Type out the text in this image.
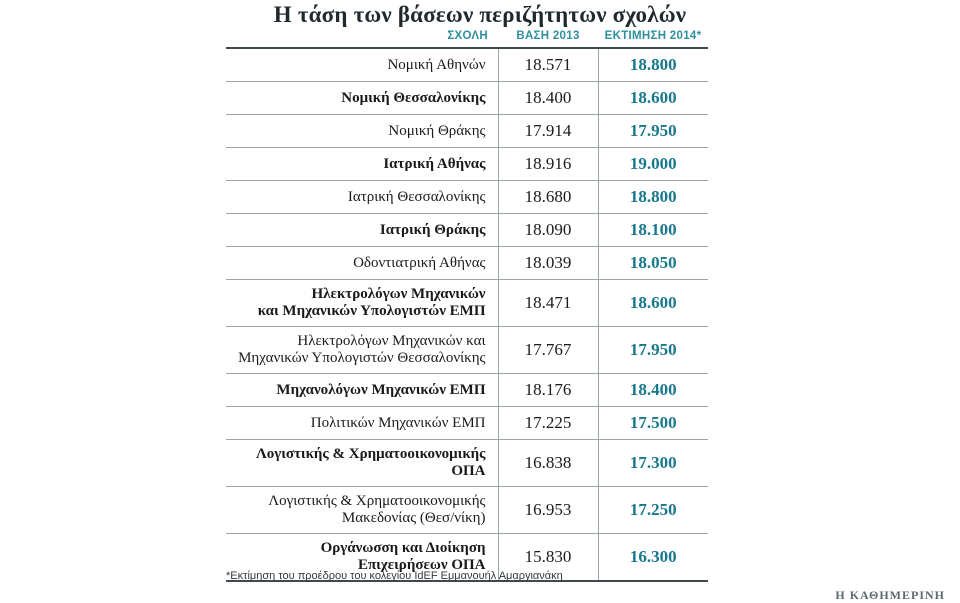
Η τάση των βάσεων περιζήτητων σχολών
ΣΧΟΛΗ	ΒΑΣΗ 2013	ΕΚΤΙΜΗΣΗ 2014*
Νομική Αθηνών	18.571	18.800
Νομική Θεσσαλονίκης	18.400	18.600
Νομική Θράκης	17.914	17.950
Ιατρική Αθήνας	18.916	19.000
Ιατρική Θεσσαλονίκης	18.680	18.800
Ιατρική Θράκης	18.090	18.100
Οδοντιατρική Αθήνας	18.039	18.050
Ηλεκτρολόγων Μηχανικών
και Μηχανικών Υπολογιστών ΕΜΠ	18.471	18.600
Ηλεκτρολόγων Μηχανικών και
Μηχανικών Υπολογιστών Θεσσαλονίκης	17.767	17.950
Μηχανολόγων Μηχανικών ΕΜΠ	18.176	18.400
Πολιτικών Μηχανικών ΕΜΠ	17.225	17.500
Λογιστικής & Χρηματοοικονομικής ΟΠΑ	16.838	17.300
Λογιστικής & Χρηματοοικονομικής
Μακεδονίας (Θεσ/νίκη)	16.953	17.250
Οργάνωσση και Διοίκηση
Επιχειρήσεων ΟΠΑ	15.830	16.300
*Εκτίμηση του προέδρου του κολεγίου IdEF Εμμανουήλ Αμαργιανάκη
Η ΚΑΘΗΜΕΡΙΝΗ
